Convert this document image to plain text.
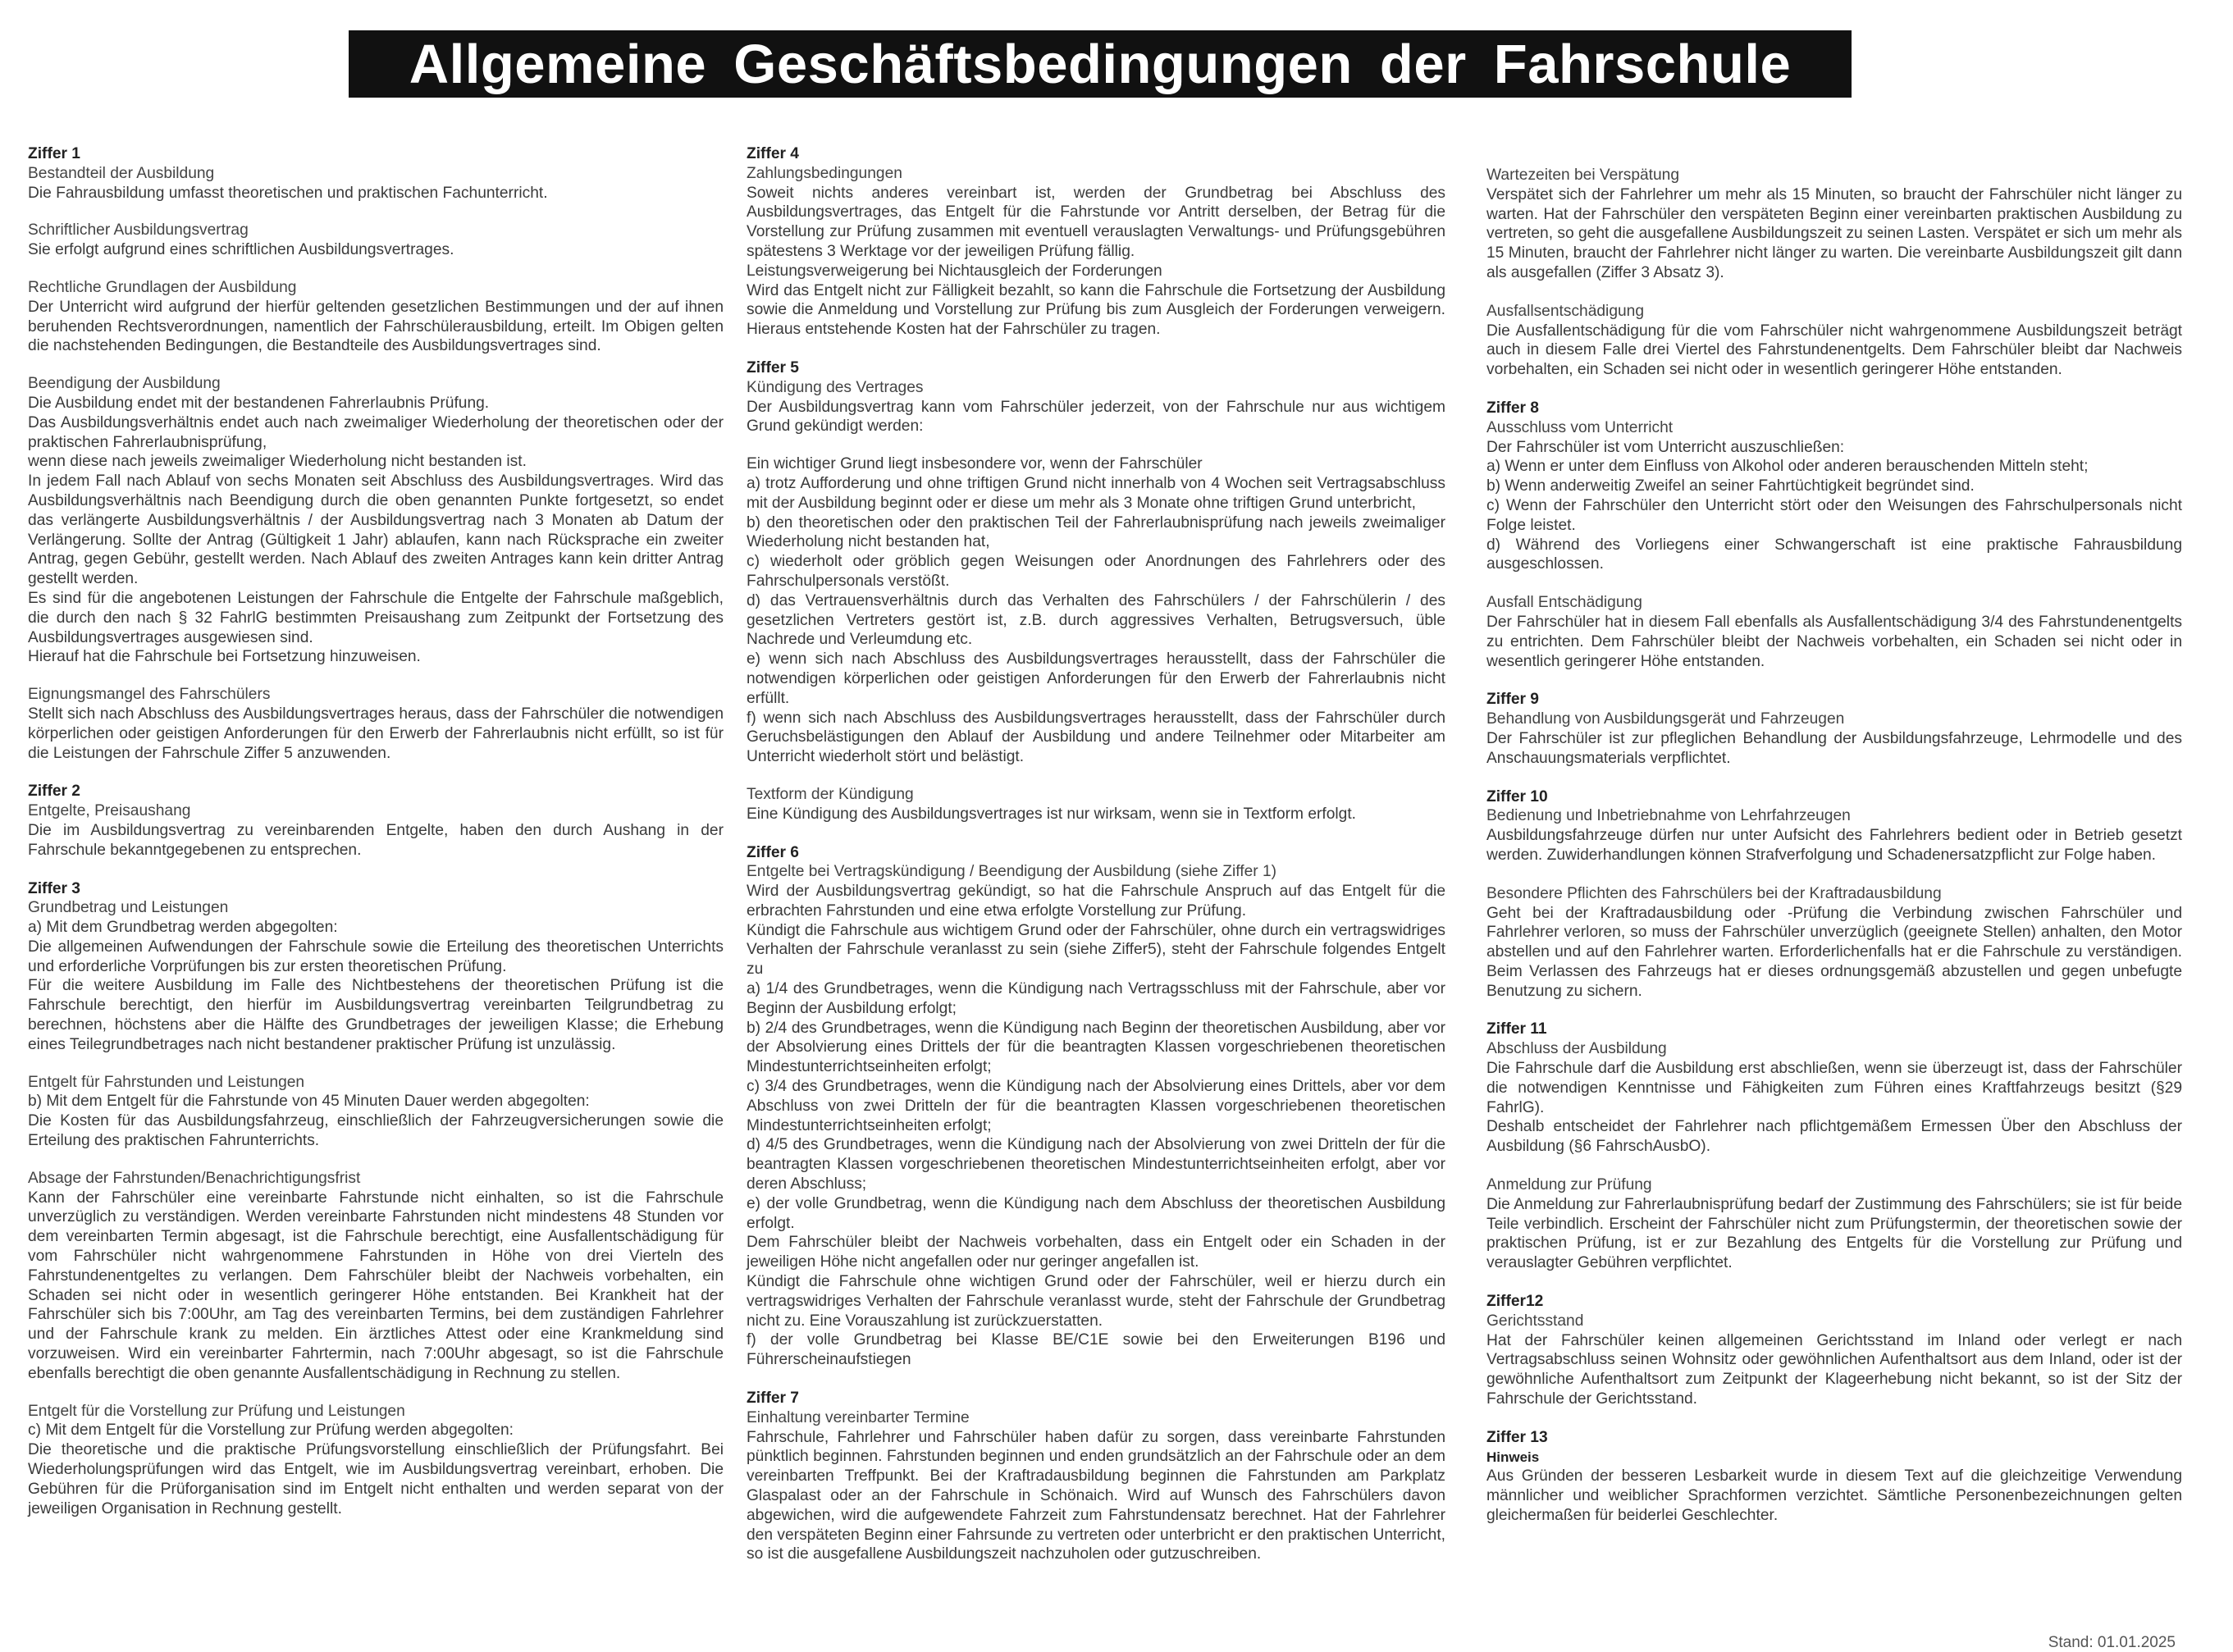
Allgemeine Geschäftsbedingungen der Fahrschule
Ziffer 1
Bestandteil der Ausbildung

Die Fahrausbildung umfasst theoretischen und praktischen Fachunterricht.

Schriftlicher Ausbildungsvertrag

Sie erfolgt aufgrund eines schriftlichen Ausbildungsvertrages.

Rechtliche Grundlagen der Ausbildung

Der Unterricht wird aufgrund der hierfür geltenden gesetzlichen Bestimmungen und der auf ihnen beruhenden Rechtsverordnungen, namentlich der Fahrschülerausbildung, erteilt. Im Obigen gelten die nachstehenden Bedingungen, die Bestandteile des Ausbildungsvertrages sind.

Beendigung der Ausbildung

Die Ausbildung endet mit der bestandenen Fahrerlaubnis Prüfung.

Das Ausbildungsverhältnis endet auch nach zweimaliger Wiederholung der theoretischen oder der praktischen Fahrerlaubnisprüfung,

wenn diese nach jeweils zweimaliger Wiederholung nicht bestanden ist.

In jedem Fall nach Ablauf von sechs Monaten seit Abschluss des Ausbildungsvertrages. Wird das Ausbildungsverhältnis nach Beendigung durch die oben genannten Punkte fortgesetzt, so endet das verlängerte Ausbildungsverhältnis / der Ausbildungsvertrag nach 3 Monaten ab Datum der Verlängerung. Sollte der Antrag (Gültigkeit 1 Jahr) ablaufen, kann nach Rücksprache ein zweiter Antrag, gegen Gebühr, gestellt werden. Nach Ablauf des zweiten Antrages kann kein dritter Antrag gestellt werden.

Es sind für die angebotenen Leistungen der Fahrschule die Entgelte der Fahrschule maßgeblich, die durch den nach § 32 FahrlG bestimmten Preisaushang zum Zeitpunkt der Fortsetzung des Ausbildungsvertrages ausgewiesen sind.

Hierauf hat die Fahrschule bei Fortsetzung hinzuweisen.

Eignungsmangel des Fahrschülers

Stellt sich nach Abschluss des Ausbildungsvertrages heraus, dass der Fahrschüler die notwendigen körperlichen oder geistigen Anforderungen für den Erwerb der Fahrerlaubnis nicht erfüllt, so ist für die Leistungen der Fahrschule Ziffer 5 anzuwenden.

Ziffer 2
Entgelte, Preisaushang

Die im Ausbildungsvertrag zu vereinbarenden Entgelte, haben den durch Aushang in der Fahrschule bekanntgegebenen zu entsprechen.

Ziffer 3
Grundbetrag und Leistungen

a) Mit dem Grundbetrag werden abgegolten:

Die allgemeinen Aufwendungen der Fahrschule sowie die Erteilung des theoretischen Unterrichts und erforderliche Vorprüfungen bis zur ersten theoretischen Prüfung.

Für die weitere Ausbildung im Falle des Nichtbestehens der theoretischen Prüfung ist die Fahrschule berechtigt, den hierfür im Ausbildungsvertrag vereinbarten Teilgrundbetrag zu berechnen, höchstens aber die Hälfte des Grundbetrages der jeweiligen Klasse; die Erhebung eines Teilegrundbetrages nach nicht bestandener praktischer Prüfung ist unzulässig.

Entgelt für Fahrstunden und Leistungen

b) Mit dem Entgelt für die Fahrstunde von 45 Minuten Dauer werden abgegolten:

Die Kosten für das Ausbildungsfahrzeug, einschließlich der Fahrzeugversicherungen sowie die Erteilung des praktischen Fahrunterrichts.

Absage der Fahrstunden/Benachrichtigungsfrist

Kann der Fahrschüler eine vereinbarte Fahrstunde nicht einhalten, so ist die Fahrschule unverzüglich zu verständigen. Werden vereinbarte Fahrstunden nicht mindestens 48 Stunden vor dem vereinbarten Termin abgesagt, ist die Fahrschule berechtigt, eine Ausfallentschädigung für vom Fahrschüler nicht wahrgenommene Fahrstunden in Höhe von drei Vierteln des Fahrstundenentgeltes zu verlangen. Dem Fahrschüler bleibt der Nachweis vorbehalten, ein Schaden sei nicht oder in wesentlich geringerer Höhe entstanden. Bei Krankheit hat der Fahrschüler sich bis 7:00Uhr, am Tag des vereinbarten Termins, bei dem zuständigen Fahrlehrer und der Fahrschule krank zu melden. Ein ärztliches Attest oder eine Krankmeldung sind vorzuweisen. Wird ein vereinbarter Fahrtermin, nach 7:00Uhr abgesagt, so ist die Fahrschule ebenfalls berechtigt die oben genannte Ausfallentschädigung in Rechnung zu stellen.

Entgelt für die Vorstellung zur Prüfung und Leistungen

c) Mit dem Entgelt für die Vorstellung zur Prüfung werden abgegolten:

Die theoretische und die praktische Prüfungsvorstellung einschließlich der Prüfungsfahrt. Bei Wiederholungsprüfungen wird das Entgelt, wie im Ausbildungsvertrag vereinbart, erhoben. Die Gebühren für die Prüforganisation sind im Entgelt nicht enthalten und werden separat von der jeweiligen Organisation in Rechnung gestellt.

Ziffer 4
Zahlungsbedingungen

Soweit nichts anderes vereinbart ist, werden der Grundbetrag bei Abschluss des Ausbildungsvertrages, das Entgelt für die Fahrstunde vor Antritt derselben, der Betrag für die Vorstellung zur Prüfung zusammen mit eventuell verauslagten Verwaltungs- und Prüfungsgebühren spätestens 3 Werktage vor der jeweiligen Prüfung fällig.

Leistungsverweigerung bei Nichtausgleich der Forderungen

Wird das Entgelt nicht zur Fälligkeit bezahlt, so kann die Fahrschule die Fortsetzung der Ausbildung sowie die Anmeldung und Vorstellung zur Prüfung bis zum Ausgleich der Forderungen verweigern. Hieraus entstehende Kosten hat der Fahrschüler zu tragen.

Ziffer 5
Kündigung des Vertrages

Der Ausbildungsvertrag kann vom Fahrschüler jederzeit, von der Fahrschule nur aus wichtigem Grund gekündigt werden:

Ein wichtiger Grund liegt insbesondere vor, wenn der Fahrschüler

a) trotz Aufforderung und ohne triftigen Grund nicht innerhalb von 4 Wochen seit Vertragsabschluss mit der Ausbildung beginnt oder er diese um mehr als 3 Monate ohne triftigen Grund unterbricht,

b) den theoretischen oder den praktischen Teil der Fahrerlaubnisprüfung nach jeweils zweimaliger Wiederholung nicht bestanden hat,

c) wiederholt oder gröblich gegen Weisungen oder Anordnungen des Fahrlehrers oder des Fahrschulpersonals verstößt.

d) das Vertrauensverhältnis durch das Verhalten des Fahrschülers / der Fahrschülerin / des gesetzlichen Vertreters gestört ist, z.B. durch aggressives Verhalten, Betrugsversuch, üble Nachrede und Verleumdung etc.

e) wenn sich nach Abschluss des Ausbildungsvertrages herausstellt, dass der Fahrschüler die notwendigen körperlichen oder geistigen Anforderungen für den Erwerb der Fahrerlaubnis nicht erfüllt.

f) wenn sich nach Abschluss des Ausbildungsvertrages herausstellt, dass der Fahrschüler durch Geruchsbelästigungen den Ablauf der Ausbildung und andere Teilnehmer oder Mitarbeiter am Unterricht wiederholt stört und belästigt.

Textform der Kündigung

Eine Kündigung des Ausbildungsvertrages ist nur wirksam, wenn sie in Textform erfolgt.

Ziffer 6
Entgelte bei Vertragskündigung / Beendigung der Ausbildung (siehe Ziffer 1)

Wird der Ausbildungsvertrag gekündigt, so hat die Fahrschule Anspruch auf das Entgelt für die erbrachten Fahrstunden und eine etwa erfolgte Vorstellung zur Prüfung.

Kündigt die Fahrschule aus wichtigem Grund oder der Fahrschüler, ohne durch ein vertragswidriges Verhalten der Fahrschule veranlasst zu sein (siehe Ziffer5), steht der Fahrschule folgendes Entgelt zu

a) 1/4 des Grundbetrages, wenn die Kündigung nach Vertragsschluss mit der Fahrschule, aber vor Beginn der Ausbildung erfolgt;

b) 2/4 des Grundbetrages, wenn die Kündigung nach Beginn der theoretischen Ausbildung, aber vor der Absolvierung eines Drittels der für die beantragten Klassen vorgeschriebenen theoretischen Mindestunterrichtseinheiten erfolgt;

c) 3/4 des Grundbetrages, wenn die Kündigung nach der Absolvierung eines Drittels, aber vor dem Abschluss von zwei Dritteln der für die beantragten Klassen vorgeschriebenen theoretischen Mindestunterrichtseinheiten erfolgt;

d) 4/5 des Grundbetrages, wenn die Kündigung nach der Absolvierung von zwei Dritteln der für die beantragten Klassen vorgeschriebenen theoretischen Mindestunterrichtseinheiten erfolgt, aber vor deren Abschluss;

e) der volle Grundbetrag, wenn die Kündigung nach dem Abschluss der theoretischen Ausbildung erfolgt.

Dem Fahrschüler bleibt der Nachweis vorbehalten, dass ein Entgelt oder ein Schaden in der jeweiligen Höhe nicht angefallen oder nur geringer angefallen ist.

Kündigt die Fahrschule ohne wichtigen Grund oder der Fahrschüler, weil er hierzu durch ein vertragswidriges Verhalten der Fahrschule veranlasst wurde, steht der Fahrschule der Grundbetrag nicht zu. Eine Vorauszahlung ist zurückzuerstatten.

f) der volle Grundbetrag bei Klasse BE/C1E sowie bei den Erweiterungen B196 und Führerscheinaufstiegen

Ziffer 7
Einhaltung vereinbarter Termine

Fahrschule, Fahrlehrer und Fahrschüler haben dafür zu sorgen, dass vereinbarte Fahrstunden pünktlich beginnen. Fahrstunden beginnen und enden grundsätzlich an der Fahrschule oder an dem vereinbarten Treffpunkt. Bei der Kraftradausbildung beginnen die Fahrstunden am Parkplatz Glaspalast oder an der Fahrschule in Schönaich. Wird auf Wunsch des Fahrschülers davon abgewichen, wird die aufgewendete Fahrzeit zum Fahrstundensatz berechnet. Hat der Fahrlehrer den verspäteten Beginn einer Fahrsunde zu vertreten oder unterbricht er den praktischen Unterricht, so ist die ausgefallene Ausbildungszeit nachzuholen oder gutzuschreiben.

Wartezeiten bei Verspätung

Verspätet sich der Fahrlehrer um mehr als 15 Minuten, so braucht der Fahrschüler nicht länger zu warten. Hat der Fahrschüler den verspäteten Beginn einer vereinbarten praktischen Ausbildung zu vertreten, so geht die ausgefallene Ausbildungszeit zu seinen Lasten. Verspätet er sich um mehr als 15 Minuten, braucht der Fahrlehrer nicht länger zu warten. Die vereinbarte Ausbildungszeit gilt dann als ausgefallen (Ziffer 3 Absatz 3).

Ausfallsentschädigung

Die Ausfallentschädigung für die vom Fahrschüler nicht wahrgenommene Ausbildungszeit beträgt auch in diesem Falle drei Viertel des Fahrstundenentgelts. Dem Fahrschüler bleibt dar Nachweis vorbehalten, ein Schaden sei nicht oder in wesentlich geringerer Höhe entstanden.

Ziffer 8
Ausschluss vom Unterricht

Der Fahrschüler ist vom Unterricht auszuschließen:

a) Wenn er unter dem Einfluss von Alkohol oder anderen berauschenden Mitteln steht;

b) Wenn anderweitig Zweifel an seiner Fahrtüchtigkeit begründet sind.

c) Wenn der Fahrschüler den Unterricht stört oder den Weisungen des Fahrschulpersonals nicht Folge leistet.

d) Während des Vorliegens einer Schwangerschaft ist eine praktische Fahrausbildung ausgeschlossen.

Ausfall Entschädigung

Der Fahrschüler hat in diesem Fall ebenfalls als Ausfallentschädigung 3/4 des Fahrstundenentgelts zu entrichten. Dem Fahrschüler bleibt der Nachweis vorbehalten, ein Schaden sei nicht oder in wesentlich geringerer Höhe entstanden.

Ziffer 9
Behandlung von Ausbildungsgerät und Fahrzeugen

Der Fahrschüler ist zur pfleglichen Behandlung der Ausbildungsfahrzeuge, Lehrmodelle und des Anschauungsmaterials verpflichtet.

Ziffer 10
Bedienung und Inbetriebnahme von Lehrfahrzeugen

Ausbildungsfahrzeuge dürfen nur unter Aufsicht des Fahrlehrers bedient oder in Betrieb gesetzt werden. Zuwiderhandlungen können Strafverfolgung und Schadenersatzpflicht zur Folge haben.

Besondere Pflichten des Fahrschülers bei der Kraftradausbildung

Geht bei der Kraftradausbildung oder -Prüfung die Verbindung zwischen Fahrschüler und Fahrlehrer verloren, so muss der Fahrschüler unverzüglich (geeignete Stellen) anhalten, den Motor abstellen und auf den Fahrlehrer warten. Erforderlichenfalls hat er die Fahrschule zu verständigen. Beim Verlassen des Fahrzeugs hat er dieses ordnungsgemäß abzustellen und gegen unbefugte Benutzung zu sichern.

Ziffer 11
Abschluss der Ausbildung

Die Fahrschule darf die Ausbildung erst abschließen, wenn sie überzeugt ist, dass der Fahrschüler die notwendigen Kenntnisse und Fähigkeiten zum Führen eines Kraftfahrzeugs besitzt (§29 FahrlG).

Deshalb entscheidet der Fahrlehrer nach pflichtgemäßem Ermessen Über den Abschluss der Ausbildung (§6 FahrschAusbO).

Anmeldung zur Prüfung

Die Anmeldung zur Fahrerlaubnisprüfung bedarf der Zustimmung des Fahrschülers; sie ist für beide Teile verbindlich. Erscheint der Fahrschüler nicht zum Prüfungstermin, der theoretischen sowie der praktischen Prüfung, ist er zur Bezahlung des Entgelts für die Vorstellung zur Prüfung und verauslagter Gebühren verpflichtet.

Ziffer12
Gerichtsstand

Hat der Fahrschüler keinen allgemeinen Gerichtsstand im Inland oder verlegt er nach Vertragsabschluss seinen Wohnsitz oder gewöhnlichen Aufenthaltsort aus dem Inland, oder ist der gewöhnliche Aufenthaltsort zum Zeitpunkt der Klageerhebung nicht bekannt, so ist der Sitz der Fahrschule der Gerichtsstand.

Ziffer 13
Hinweis

Aus Gründen der besseren Lesbarkeit wurde in diesem Text auf die gleichzeitige Verwendung männlicher und weiblicher Sprachformen verzichtet. Sämtliche Personenbezeichnungen gelten gleichermaßen für beiderlei Geschlechter.

Stand: 01.01.2025
